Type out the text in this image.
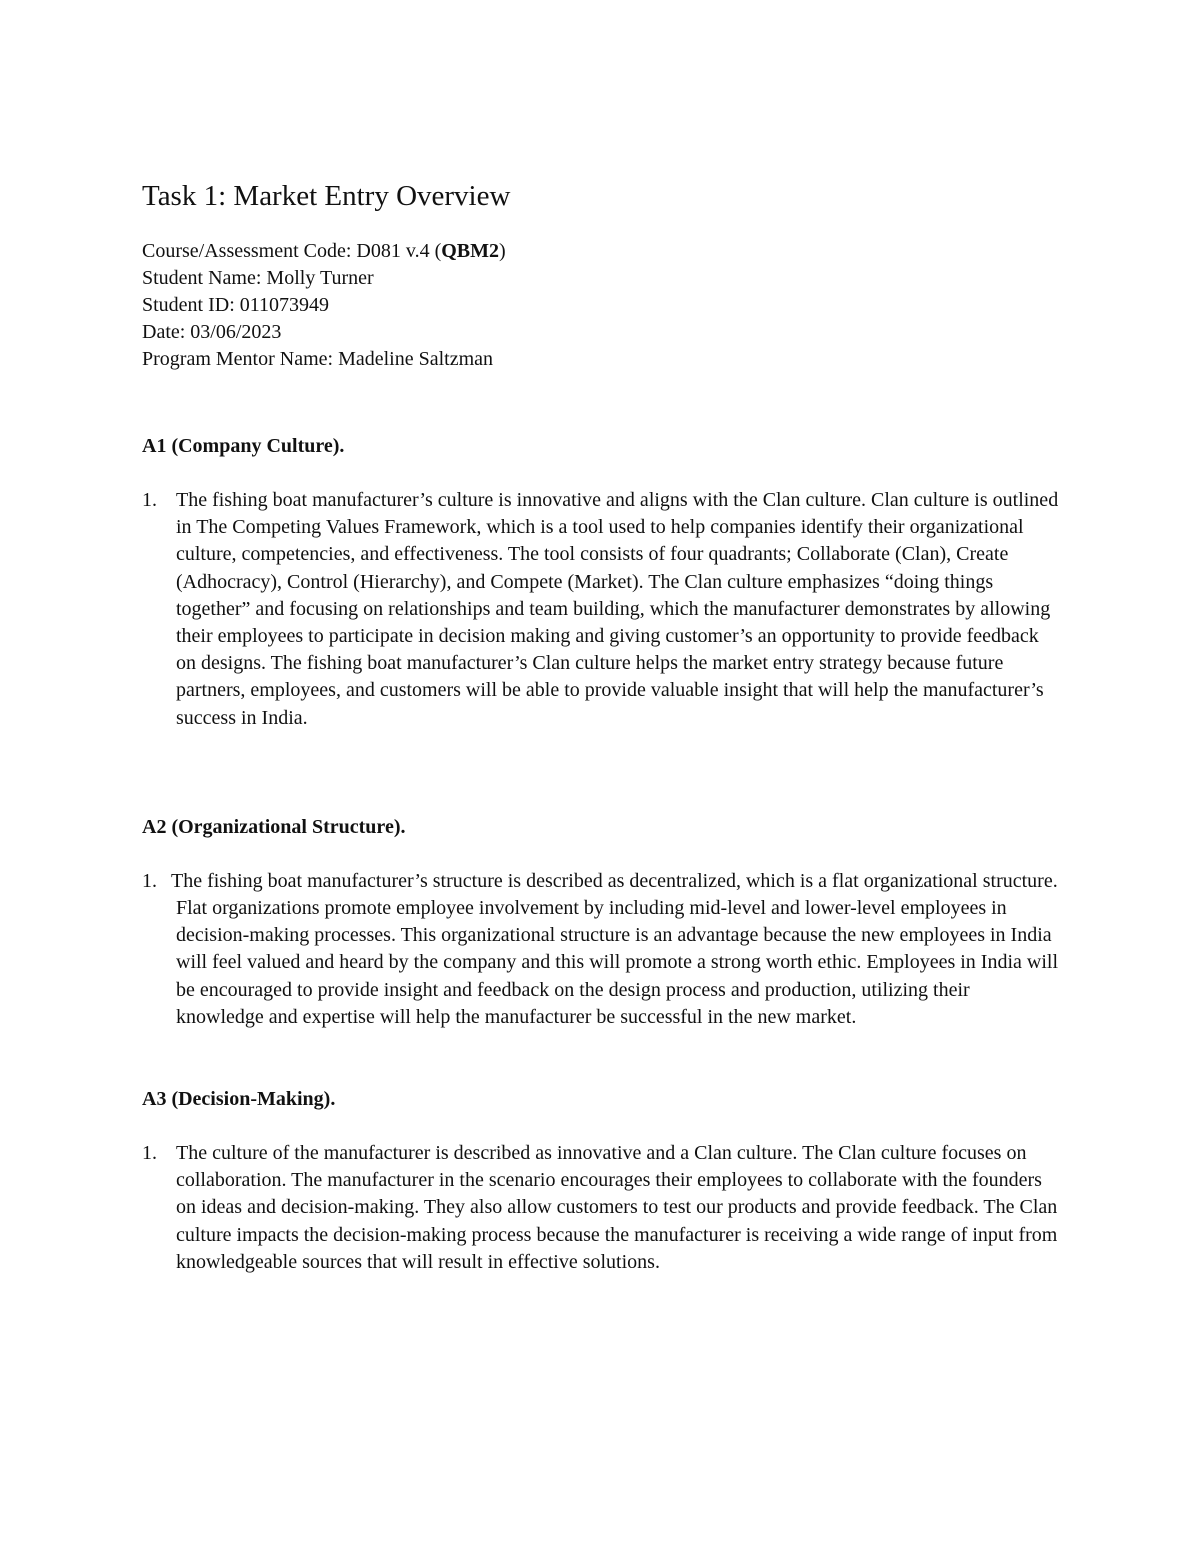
Task 1: Market Entry Overview
Course/Assessment Code: D081 v.4 (QBM2)
Student Name: Molly Turner
Student ID: 011073949
Date: 03/06/2023
Program Mentor Name: Madeline Saltzman
A1 (Company Culture).

1. The fishing boat manufacturer’s culture is innovative and aligns with the Clan culture. Clan culture is outlined in The Competing Values Framework, which is a tool used to help companies identify their organizational culture, competencies, and effectiveness. The tool consists of four quadrants; Collaborate (Clan), Create (Adhocracy), Control (Hierarchy), and Compete (Market). The Clan culture emphasizes “doing things together” and focusing on relationships and team building, which the manufacturer demonstrates by allowing their employees to participate in decision making and giving customer’s an opportunity to provide feedback on designs. The fishing boat manufacturer’s Clan culture helps the market entry strategy because future partners, employees, and customers will be able to provide valuable insight that will help the manufacturer’s success in India.

A2 (Organizational Structure).

1. The fishing boat manufacturer’s structure is described as decentralized, which is a flat organizational structure. Flat organizations promote employee involvement by including mid-level and lower-level employees in decision-making processes. This organizational structure is an advantage because the new employees in India will feel valued and heard by the company and this will promote a strong worth ethic. Employees in India will be encouraged to provide insight and feedback on the design process and production, utilizing their knowledge and expertise will help the manufacturer be successful in the new market.

A3 (Decision-Making).

1. The culture of the manufacturer is described as innovative and a Clan culture. The Clan culture focuses on collaboration. The manufacturer in the scenario encourages their employees to collaborate with the founders on ideas and decision-making. They also allow customers to test our products and provide feedback. The Clan culture impacts the decision-making process because the manufacturer is receiving a wide range of input from knowledgeable sources that will result in effective solutions.
